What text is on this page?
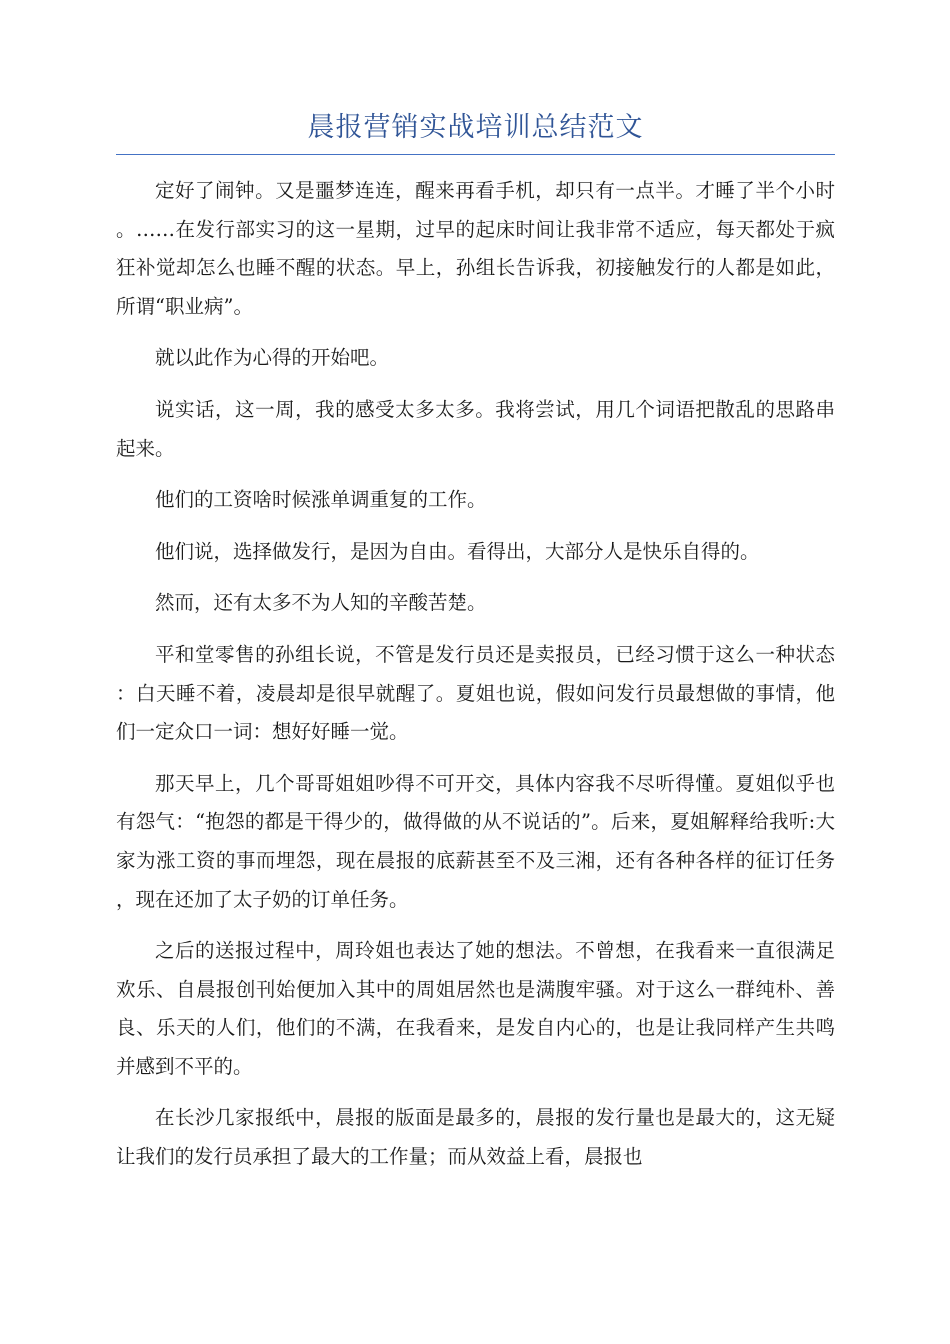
晨报营销实战培训总结范文

定好了闹钟。又是噩梦连连，醒来再看手机，却只有一点半。才睡了半个小时。……在发行部实习的这一星期，过早的起床时间让我非常不适应，每天都处于疯狂补觉却怎么也睡不醒的状态。早上，孙组长告诉我，初接触发行的人都是如此，所谓“职业病”。

就以此作为心得的开始吧。

说实话，这一周，我的感受太多太多。我将尝试，用几个词语把散乱的思路串起来。

他们的工资啥时候涨单调重复的工作。

他们说，选择做发行，是因为自由。看得出，大部分人是快乐自得的。

然而，还有太多不为人知的辛酸苦楚。

平和堂零售的孙组长说，不管是发行员还是卖报员，已经习惯于这么一种状态：白天睡不着，凌晨却是很早就醒了。夏姐也说，假如问发行员最想做的事情，他们一定众口一词：想好好睡一觉。

那天早上，几个哥哥姐姐吵得不可开交，具体内容我不尽听得懂。夏姐似乎也有怨气：“抱怨的都是干得少的，做得做的从不说话的”。后来，夏姐解释给我听:大家为涨工资的事而埋怨，现在晨报的底薪甚至不及三湘，还有各种各样的征订任务，现在还加了太子奶的订单任务。

之后的送报过程中，周玲姐也表达了她的想法。不曾想，在我看来一直很满足欢乐、自晨报创刊始便加入其中的周姐居然也是满腹牢骚。对于这么一群纯朴、善良、乐天的人们，他们的不满，在我看来，是发自内心的，也是让我同样产生共鸣并感到不平的。

在长沙几家报纸中，晨报的版面是最多的，晨报的发行量也是最大的，这无疑让我们的发行员承担了最大的工作量；而从效益上看，晨报也
